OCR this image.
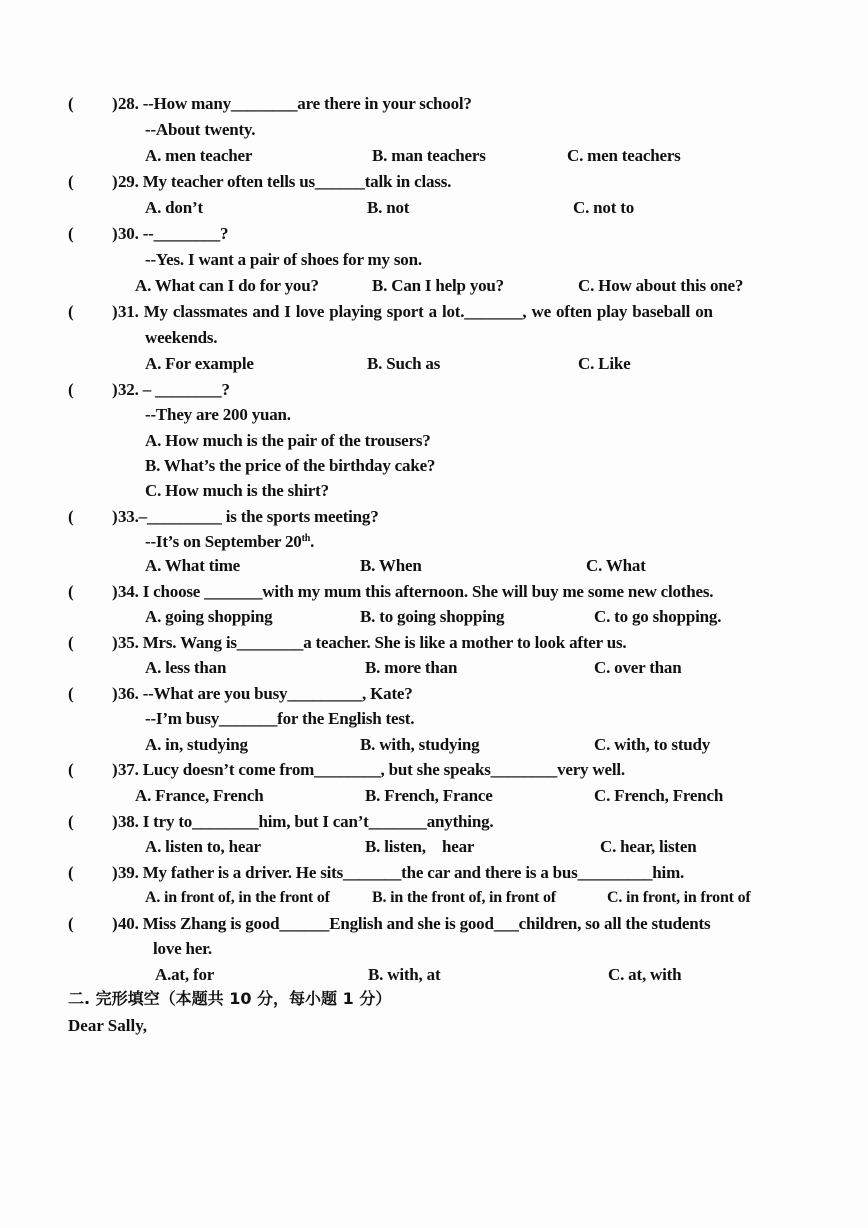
( ) 28. --How many________are there in your school?
--About twenty.
A. men teacher	B. man teachers	C. men teachers
( ) 29. My teacher often tells us______talk in class.
A. don’t	B. not	C. not to
( ) 30. --________?
--Yes. I want a pair of shoes for my son.
A. What can I do for you?	B. Can I help you?	C. How about this one?
( ) 31. My classmates and I love playing sport a lot._______, we often play baseball on
weekends.
A. For example	B. Such as	C. Like
( ) 32. – ________?
--They are 200 yuan.
A. How much is the pair of the trousers?
B. What’s the price of the birthday cake?
C. How much is the shirt?
( ) 33.–_________ is the sports meeting?
--It’s on September 20th.
A. What time	B. When	C. What
( ) 34. I choose _______with my mum this afternoon. She will buy me some new clothes.
A. going shopping	B. to going shopping	C. to go shopping.
( ) 35. Mrs. Wang is________a teacher. She is like a mother to look after us.
A. less than	B. more than	C. over than
( ) 36. --What are you busy_________, Kate?
--I’m busy_______for the English test.
A. in, studying	B. with, studying	C. with, to study
( ) 37. Lucy doesn’t come from________, but she speaks________very well.
A. France, French	B. French, France	C. French, French
( ) 38. I try to________him, but I can’t_______anything.
A. listen to, hear	B. listen,    hear	C. hear, listen
( ) 39. My father is a driver. He sits_______the car and there is a bus_________him.
A. in front of, in the front of	B. in the front of, in front of	C. in front, in front of
( ) 40. Miss Zhang is good______English and she is good___children, so all the students
love her.
A.at, for	B. with, at	C. at, with
二. 完形填空（本题共 10 分，每小题 1 分）
Dear Sally,
